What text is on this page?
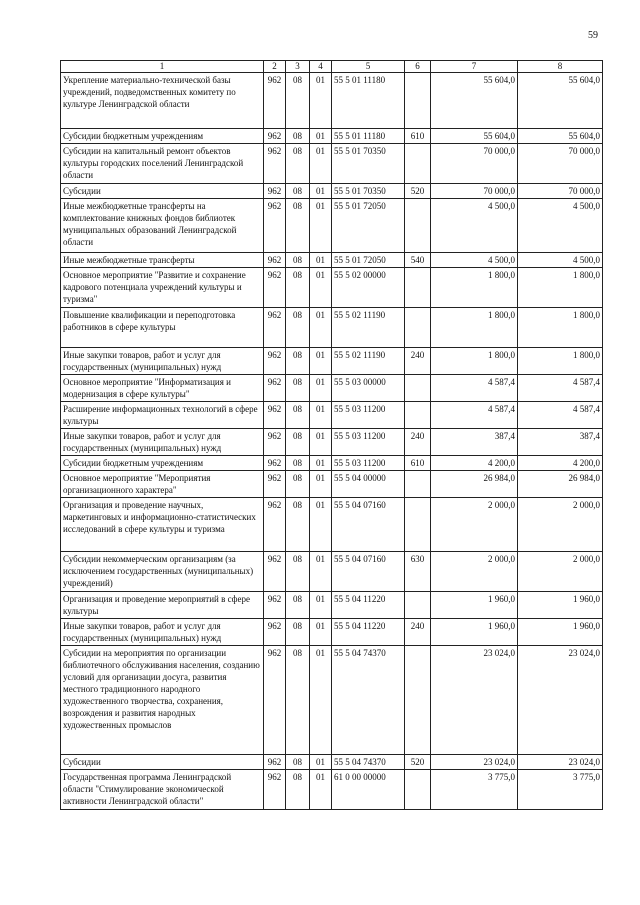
59
1	2	3	4	5	6	7	8
Укрепление материально-технической базы учреждений, подведомственных комитету по культуре Ленинградской области	962	08	01	55 5 01 11180		55 604,0	55 604,0
Субсидии бюджетным учреждениям	962	08	01	55 5 01 11180	610	55 604,0	55 604,0
Субсидии на капитальный ремонт объектов культуры городских поселений Ленинградской области	962	08	01	55 5 01 70350		70 000,0	70 000,0
Субсидии	962	08	01	55 5 01 70350	520	70 000,0	70 000,0
Иные межбюджетные трансферты на комплектование книжных фондов библиотек муниципальных образований Ленинградской области	962	08	01	55 5 01 72050		4 500,0	4 500,0
Иные межбюджетные трансферты	962	08	01	55 5 01 72050	540	4 500,0	4 500,0
Основное мероприятие "Развитие и сохранение кадрового потенциала учреждений культуры и туризма"	962	08	01	55 5 02 00000		1 800,0	1 800,0
Повышение квалификации и переподготовка работников в сфере культуры	962	08	01	55 5 02 11190		1 800,0	1 800,0
Иные закупки товаров, работ и услуг для государственных (муниципальных) нужд	962	08	01	55 5 02 11190	240	1 800,0	1 800,0
Основное мероприятие "Информатизация и модернизация в сфере культуры"	962	08	01	55 5 03 00000		4 587,4	4 587,4
Расширение информационных технологий в сфере культуры	962	08	01	55 5 03 11200		4 587,4	4 587,4
Иные закупки товаров, работ и услуг для государственных (муниципальных) нужд	962	08	01	55 5 03 11200	240	387,4	387,4
Субсидии бюджетным учреждениям	962	08	01	55 5 03 11200	610	4 200,0	4 200,0
Основное мероприятие "Мероприятия организационного характера"	962	08	01	55 5 04 00000		26 984,0	26 984,0
Организация и проведение научных, маркетинговых и информационно-статистических исследований в сфере культуры и туризма	962	08	01	55 5 04 07160		2 000,0	2 000,0
Субсидии некоммерческим организациям (за исключением государственных (муниципальных) учреждений)	962	08	01	55 5 04 07160	630	2 000,0	2 000,0
Организация и проведение мероприятий в сфере культуры	962	08	01	55 5 04 11220		1 960,0	1 960,0
Иные закупки товаров, работ и услуг для государственных (муниципальных) нужд	962	08	01	55 5 04 11220	240	1 960,0	1 960,0
Субсидии на мероприятия по организации библиотечного обслуживания населения, созданию условий для организации досуга, развития местного традиционного народного художественного творчества, сохранения, возрождения и развития народных художественных промыслов	962	08	01	55 5 04 74370		23 024,0	23 024,0
Субсидии	962	08	01	55 5 04 74370	520	23 024,0	23 024,0
Государственная программа Ленинградской области "Стимулирование экономической активности Ленинградской области"	962	08	01	61 0 00 00000		3 775,0	3 775,0
